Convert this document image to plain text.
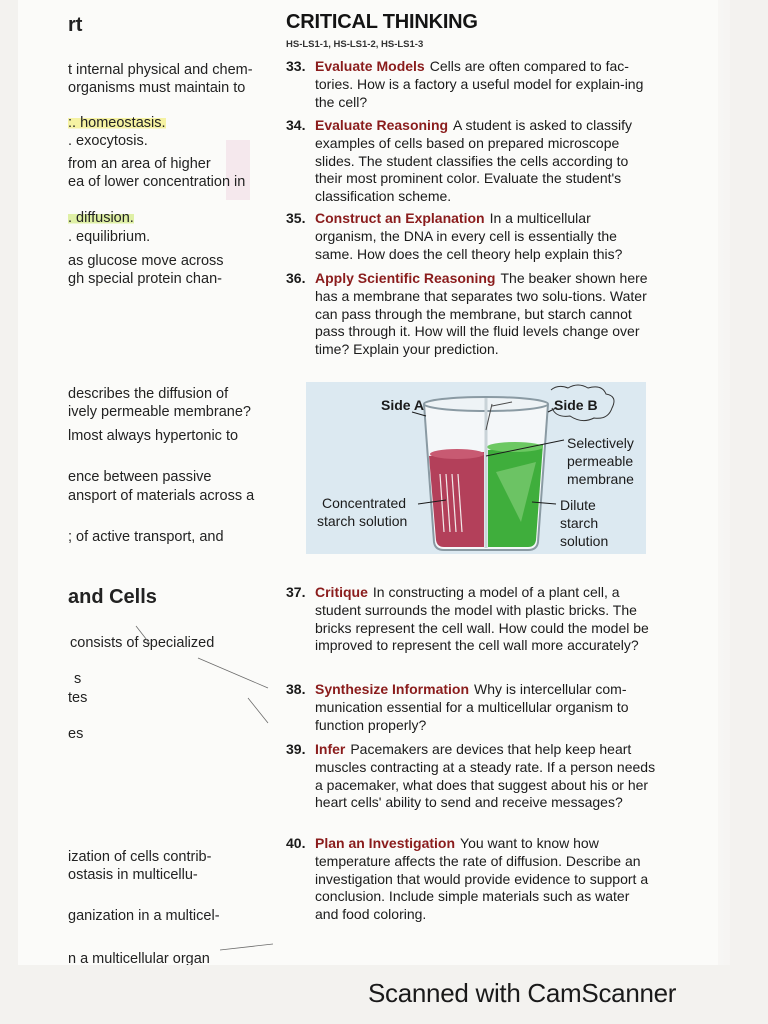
rt

t internal physical and chem-

organisms must maintain to

:. homeostasis.

. exocytosis.

from an area of higher

ea of lower concentration in

. diffusion.

. equilibrium.

as glucose move across

gh special protein chan-

describes the diffusion of

ively permeable membrane?

lmost always hypertonic to

ence between passive

ansport of materials across a

; of active transport, and

and Cells

consists of specialized

s

tes

es

ization of cells contrib-

ostasis in multicellu-

ganization in a multicel-

n a multicellular organ

CRITICAL THINKING

HS-LS1-1, HS-LS1-2, HS-LS1-3

33. Evaluate Models Cells are often compared to fac-tories. How is a factory a useful model for explain-ing the cell?
34. Evaluate Reasoning A student is asked to classify examples of cells based on prepared microscope slides. The student classifies the cells according to their most prominent color. Evaluate the student's classification scheme.
35. Construct an Explanation In a multicellular organism, the DNA in every cell is essentially the same. How does the cell theory help explain this?
36. Apply Scientific Reasoning The beaker shown here has a membrane that separates two solu-tions. Water can pass through the membrane, but starch cannot pass through it. How will the fluid levels change over time? Explain your prediction.
37. Critique In constructing a model of a plant cell, a student surrounds the model with plastic bricks. The bricks represent the cell wall. How could the model be improved to represent the cell wall more accurately?
38. Synthesize Information Why is intercellular com-munication essential for a multicellular organism to function properly?
39. Infer Pacemakers are devices that help keep heart muscles contracting at a steady rate. If a person needs a pacemaker, what does that suggest about his or her heart cells' ability to send and receive messages?
40. Plan an Investigation You want to know how temperature affects the rate of diffusion. Describe an investigation that would provide evidence to support a conclusion. Include simple materials such as water and food coloring.
Side A	Side B
Selectively
permeable
membrane
Concentrated
starch solution
Dilute
starch
solution

Scanned with CamScanner
